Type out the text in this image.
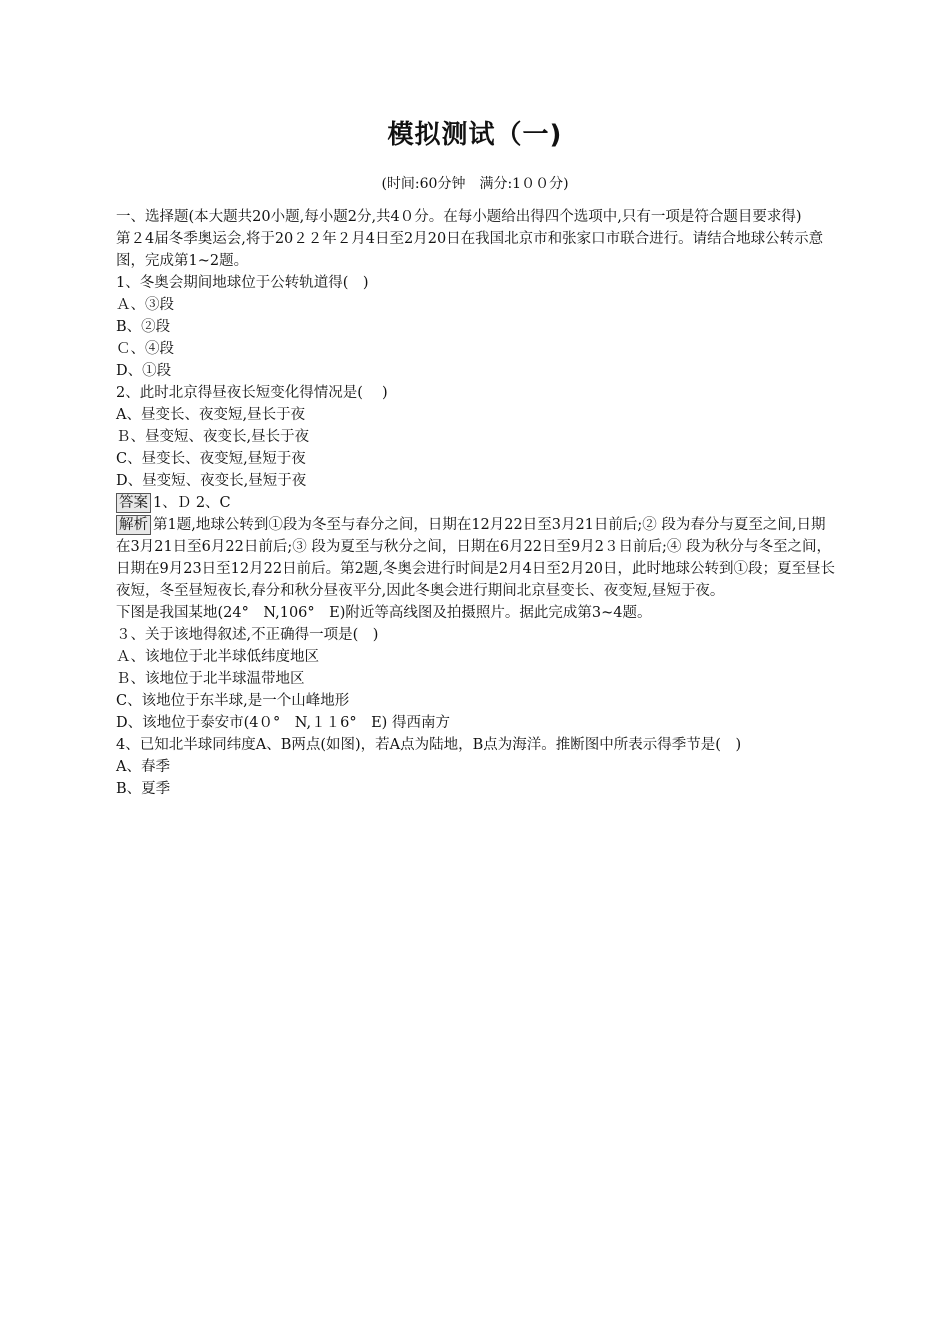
模拟测试（一)
(时间:60分钟　满分:1００分)

一、选择题(本大题共20小题,每小题2分,共4０分。在每小题给出得四个选项中,只有一项是符合题目要求得)

第２4届冬季奥运会,将于20２２年２月4日至2月20日在我国北京市和张家口市联合进行。请结合地球公转示意图，完成第1~2题。

1、冬奥会期间地球位于公转轨道得(　)

Ａ、③段

B、②段

Ｃ、④段

D、①段

2、此时北京得昼夜长短变化得情况是(　 )

A、昼变长、夜变短,昼长于夜

Ｂ、昼变短、夜变长,昼长于夜

C、昼变长、夜变短,昼短于夜

D、昼变短、夜变长,昼短于夜

答案 1、Ｄ 2、C

解析 第1题,地球公转到①段为冬至与春分之间，日期在12月22日至3月21日前后;② 段为春分与夏至之间,日期在3月21日至6月22日前后;③ 段为夏至与秋分之间，日期在6月22日至9月2３日前后;④ 段为秋分与冬至之间，日期在9月23日至12月22日前后。第2题,冬奥会进行时间是2月4日至2月20日，此时地球公转到①段；夏至昼长夜短，冬至昼短夜长,春分和秋分昼夜平分,因此冬奥会进行期间北京昼变长、夜变短,昼短于夜。

下图是我国某地(24°　N,106°　E)附近等高线图及拍摄照片。据此完成第3~4题。

３、关于该地得叙述,不正确得一项是(　)

Ａ、该地位于北半球低纬度地区

Ｂ、该地位于北半球温带地区

C、该地位于东半球,是一个山峰地形

D、该地位于泰安市(4０°　N,１１6°　E) 得西南方

4、已知北半球同纬度A、B两点(如图)，若A点为陆地，B点为海洋。推断图中所表示得季节是(　)

A、春季

B、夏季
